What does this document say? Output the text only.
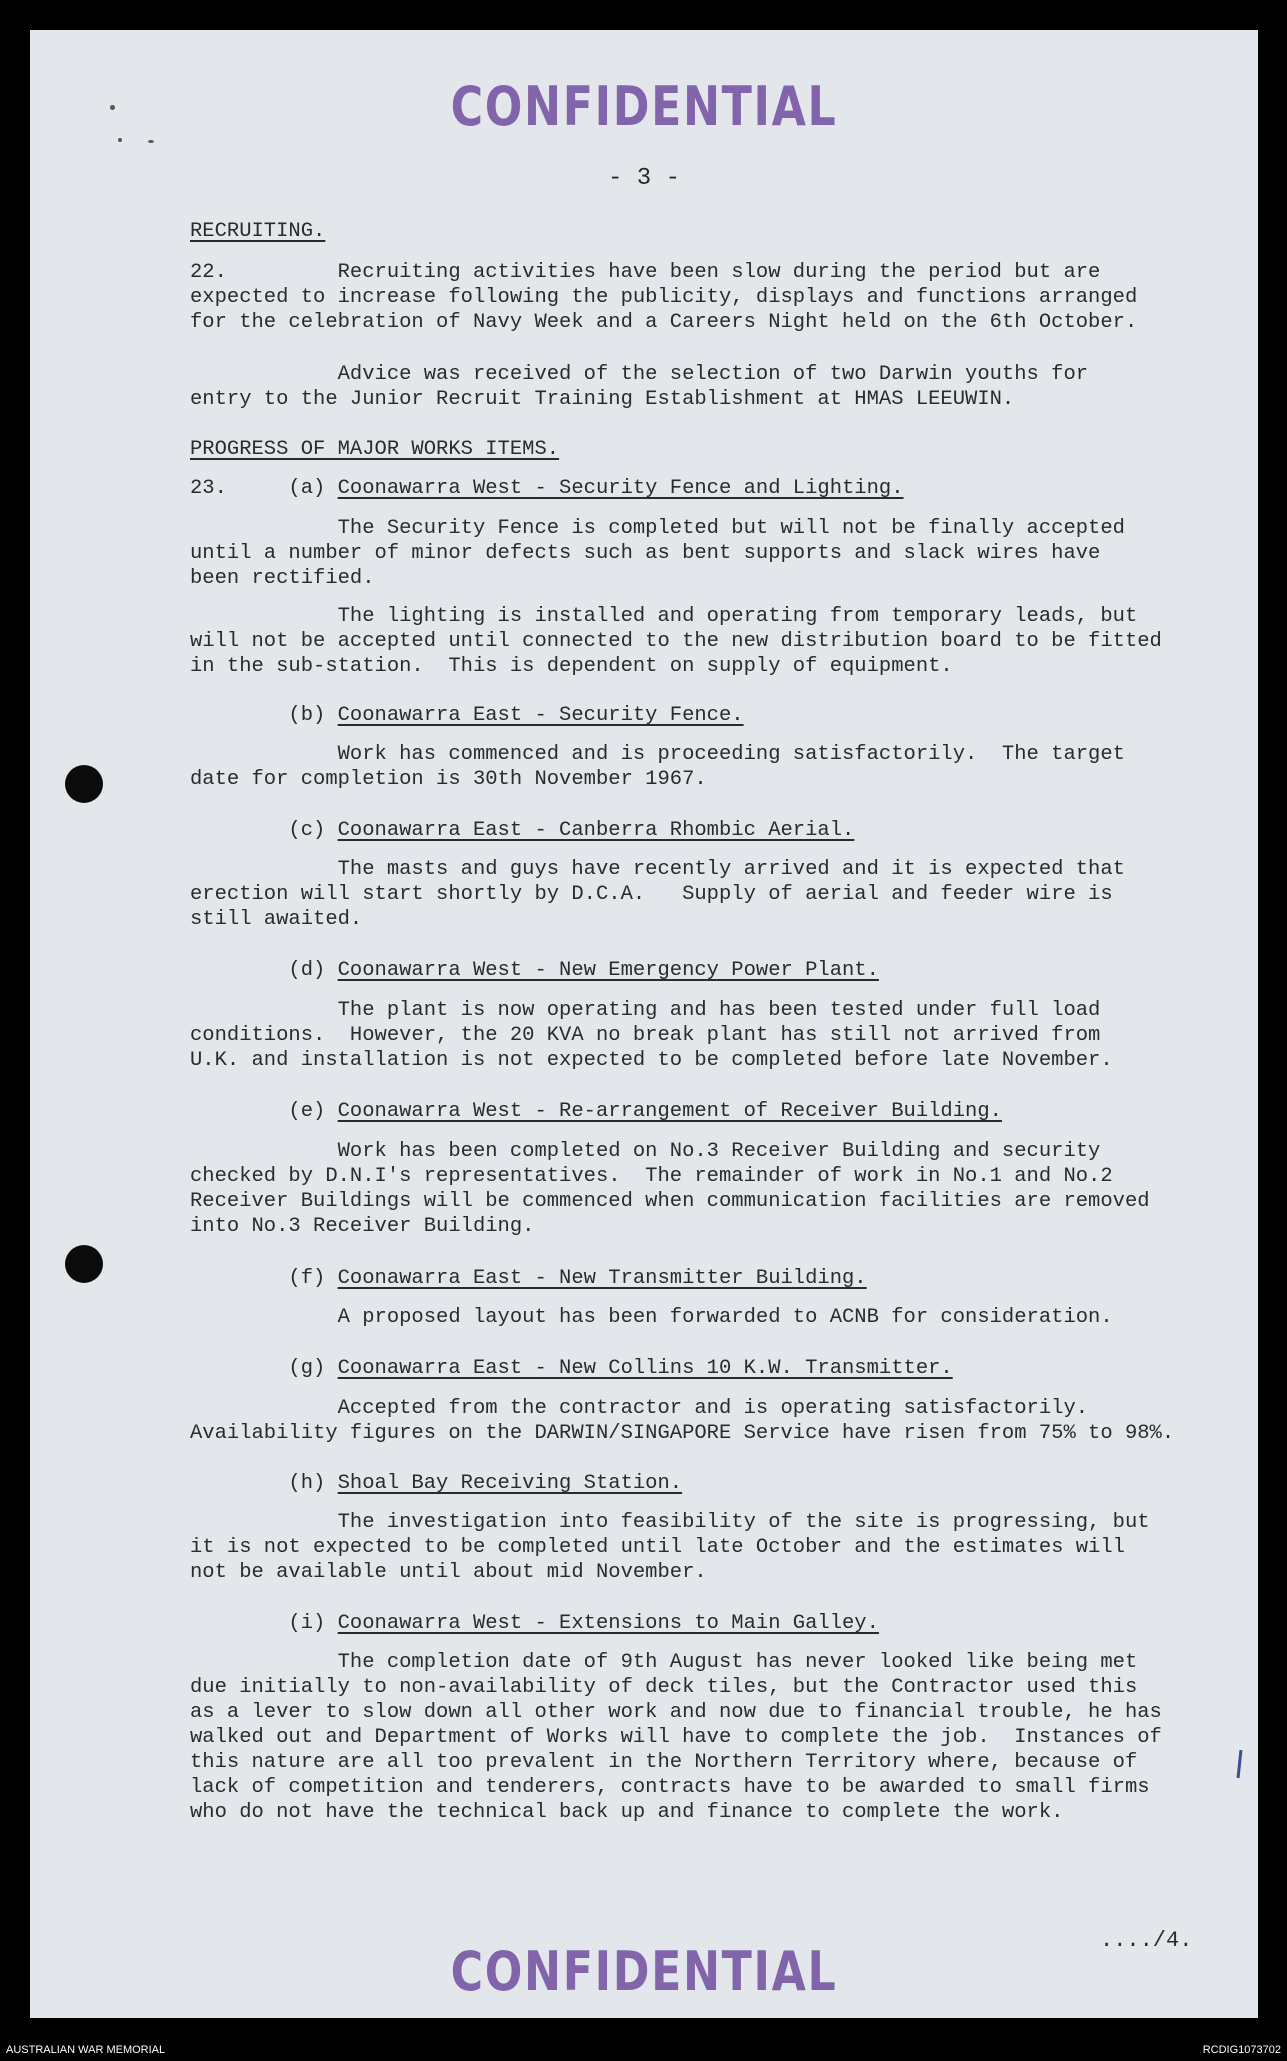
CONFIDENTIAL
- 3 -
RECRUITING.
22.         Recruiting activities have been slow during the period but are
expected to increase following the publicity, displays and functions arranged
for the celebration of Navy Week and a Careers Night held on the 6th October.
Advice was received of the selection of two Darwin youths for
entry to the Junior Recruit Training Establishment at HMAS LEEUWIN.
PROGRESS OF MAJOR WORKS ITEMS.
23.     (a) Coonawarra West - Security Fence and Lighting.
The Security Fence is completed but will not be finally accepted
until a number of minor defects such as bent supports and slack wires have
been rectified.
The lighting is installed and operating from temporary leads, but
will not be accepted until connected to the new distribution board to be fitted
in the sub-station.  This is dependent on supply of equipment.
(b) Coonawarra East - Security Fence.
Work has commenced and is proceeding satisfactorily.  The target
date for completion is 30th November 1967.
(c) Coonawarra East - Canberra Rhombic Aerial.
The masts and guys have recently arrived and it is expected that
erection will start shortly by D.C.A.   Supply of aerial and feeder wire is
still awaited.
(d) Coonawarra West - New Emergency Power Plant.
The plant is now operating and has been tested under full load
conditions.  However, the 20 KVA no break plant has still not arrived from
U.K. and installation is not expected to be completed before late November.
(e) Coonawarra West - Re-arrangement of Receiver Building.
Work has been completed on No.3 Receiver Building and security
checked by D.N.I's representatives.  The remainder of work in No.1 and No.2
Receiver Buildings will be commenced when communication facilities are removed
into No.3 Receiver Building.
(f) Coonawarra East - New Transmitter Building.
A proposed layout has been forwarded to ACNB for consideration.
(g) Coonawarra East - New Collins 10 K.W. Transmitter.
Accepted from the contractor and is operating satisfactorily.
Availability figures on the DARWIN/SINGAPORE Service have risen from 75% to 98%.
(h) Shoal Bay Receiving Station.
The investigation into feasibility of the site is progressing, but
it is not expected to be completed until late October and the estimates will
not be available until about mid November.
(i) Coonawarra West - Extensions to Main Galley.
The completion date of 9th August has never looked like being met
due initially to non-availability of deck tiles, but the Contractor used this
as a lever to slow down all other work and now due to financial trouble, he has
walked out and Department of Works will have to complete the job.  Instances of
this nature are all too prevalent in the Northern Territory where, because of
lack of competition and tenderers, contracts have to be awarded to small firms
who do not have the technical back up and finance to complete the work.
..../4.
CONFIDENTIAL
AUSTRALIAN WAR MEMORIAL	RCDIG1073702
